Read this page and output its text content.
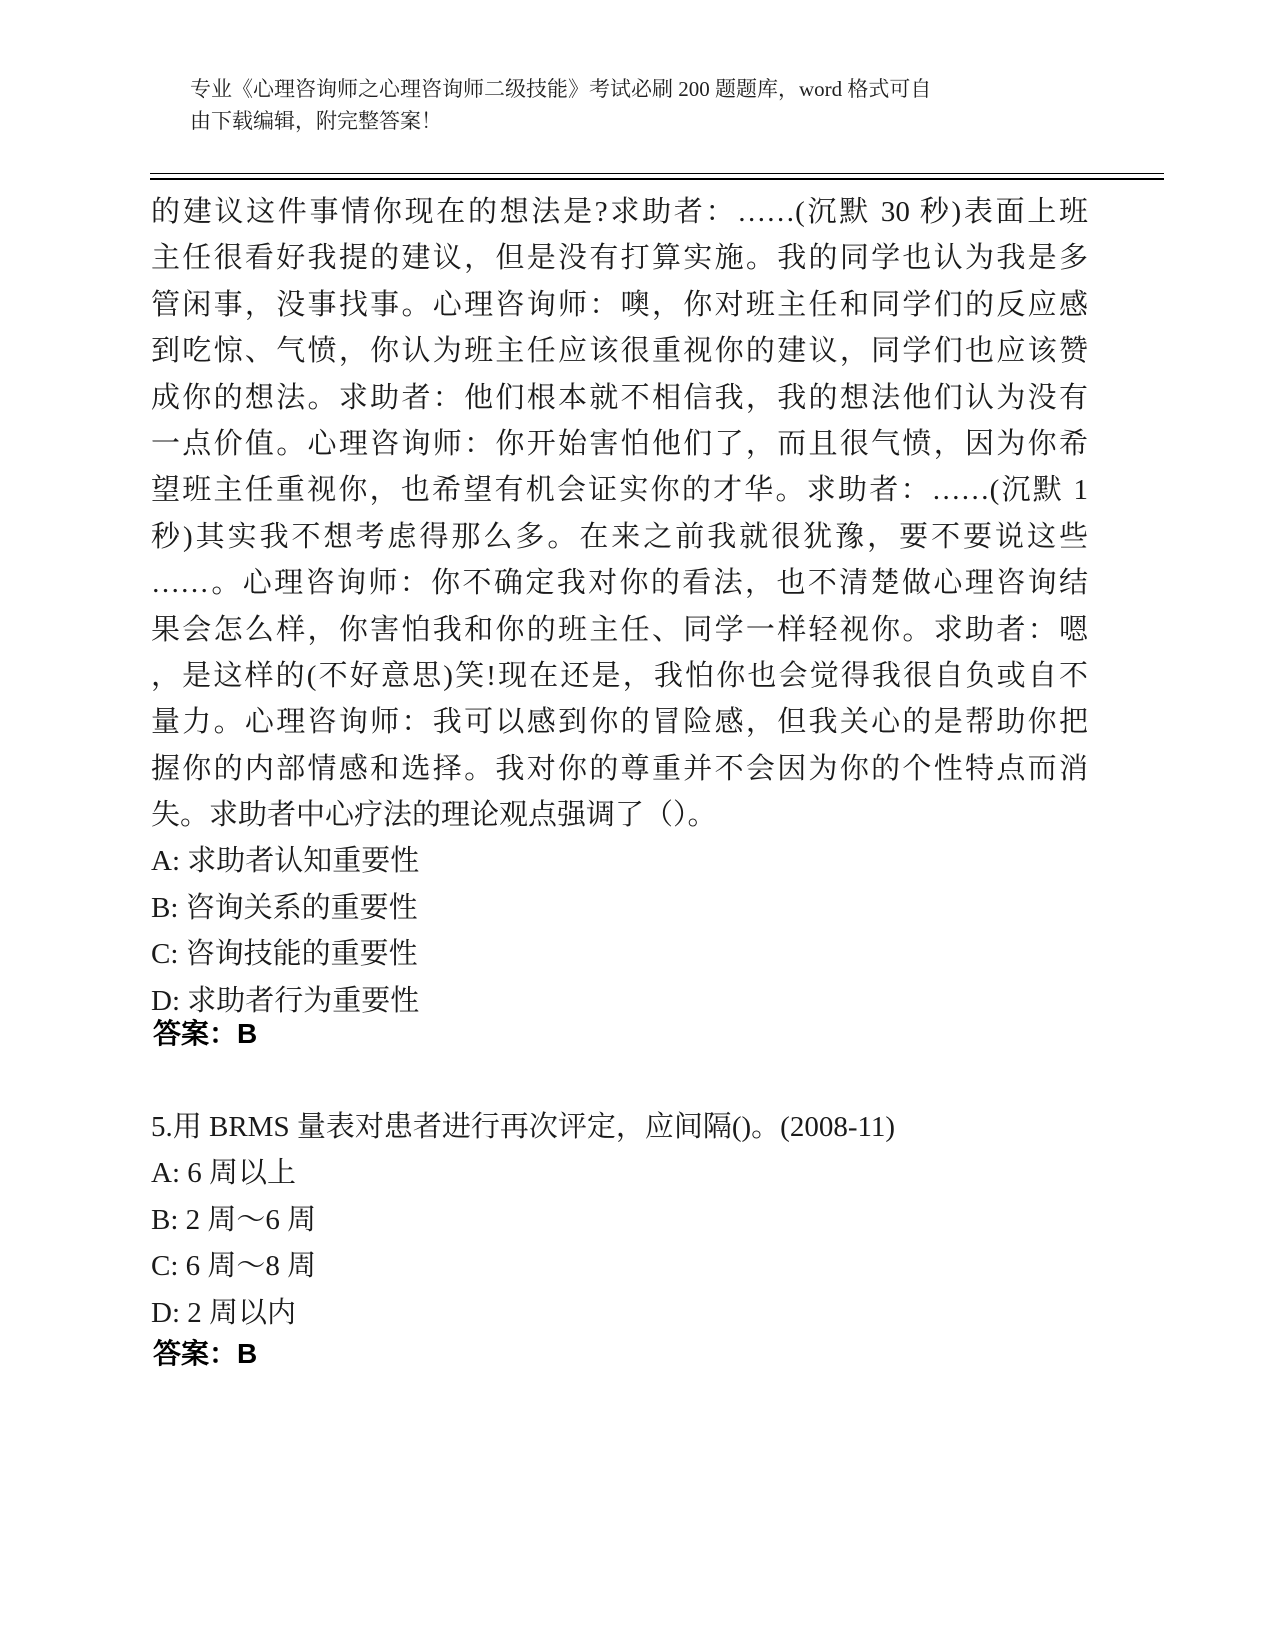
专业《心理咨询师之心理咨询师二级技能》考试必刷 200 题题库，word 格式可自
由下载编辑，附完整答案！
的建议这件事情你现在的想法是?求助者：……(沉默 30 秒)表面上班
主任很看好我提的建议，但是没有打算实施。我的同学也认为我是多
管闲事，没事找事。心理咨询师：噢，你对班主任和同学们的反应感
到吃惊、气愤，你认为班主任应该很重视你的建议，同学们也应该赞
成你的想法。求助者：他们根本就不相信我，我的想法他们认为没有
一点价值。心理咨询师：你开始害怕他们了，而且很气愤，因为你希
望班主任重视你，也希望有机会证实你的才华。求助者：……(沉默 1
秒)其实我不想考虑得那么多。在来之前我就很犹豫，要不要说这些
……。心理咨询师：你不确定我对你的看法，也不清楚做心理咨询结
果会怎么样，你害怕我和你的班主任、同学一样轻视你。求助者：嗯
，是这样的(不好意思)笑!现在还是，我怕你也会觉得我很自负或自不
量力。心理咨询师：我可以感到你的冒险感，但我关心的是帮助你把
握你的内部情感和选择。我对你的尊重并不会因为你的个性特点而消
失。求助者中心疗法的理论观点强调了（）。
A: 求助者认知重要性
B: 咨询关系的重要性
C: 咨询技能的重要性
D: 求助者行为重要性
答案：B
5.用 BRMS 量表对患者进行再次评定，应间隔()。(2008-11)
A: 6 周以上
B: 2 周～6 周
C: 6 周～8 周
D: 2 周以内
答案：B
